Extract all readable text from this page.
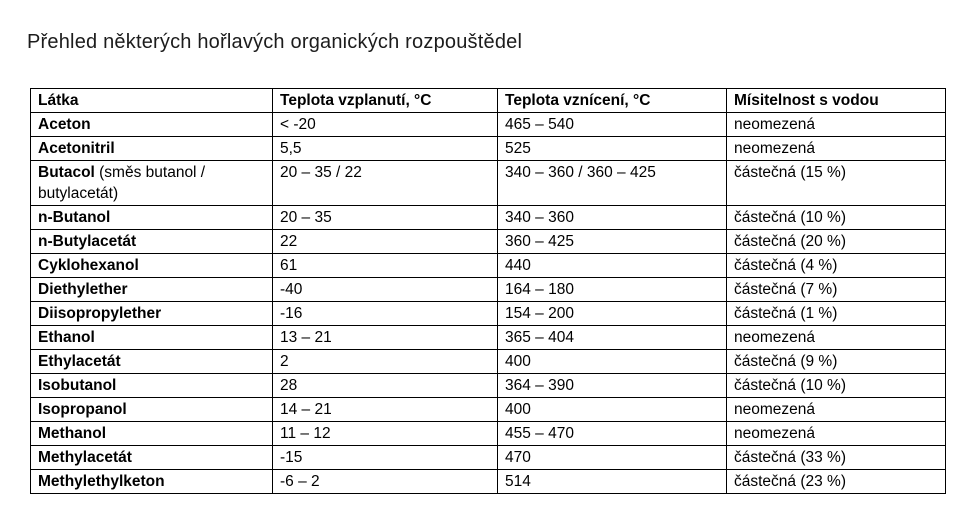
Přehled některých hořlavých organických rozpouštědel
Látka	Teplota vzplanutí, °C	Teplota vznícení, °C	Mísitelnost s vodou
Aceton	< -20	465 – 540	neomezená
Acetonitril	5,5	525	neomezená
Butacol (směs butanol / butylacetát)	20 – 35 / 22	340 – 360 / 360 – 425	částečná (15 %)
n-Butanol	20 – 35	340 – 360	částečná (10 %)
n-Butylacetát	22	360 – 425	částečná (20 %)
Cyklohexanol	61	440	částečná (4 %)
Diethylether	-40	164 – 180	částečná (7 %)
Diisopropylether	-16	154 – 200	částečná (1 %)
Ethanol	13 – 21	365 – 404	neomezená
Ethylacetát	2	400	částečná (9 %)
Isobutanol	28	364 – 390	částečná (10 %)
Isopropanol	14 – 21	400	neomezená
Methanol	11 – 12	455 – 470	neomezená
Methylacetát	-15	470	částečná (33 %)
Methylethylketon	-6 – 2	514	částečná (23 %)
